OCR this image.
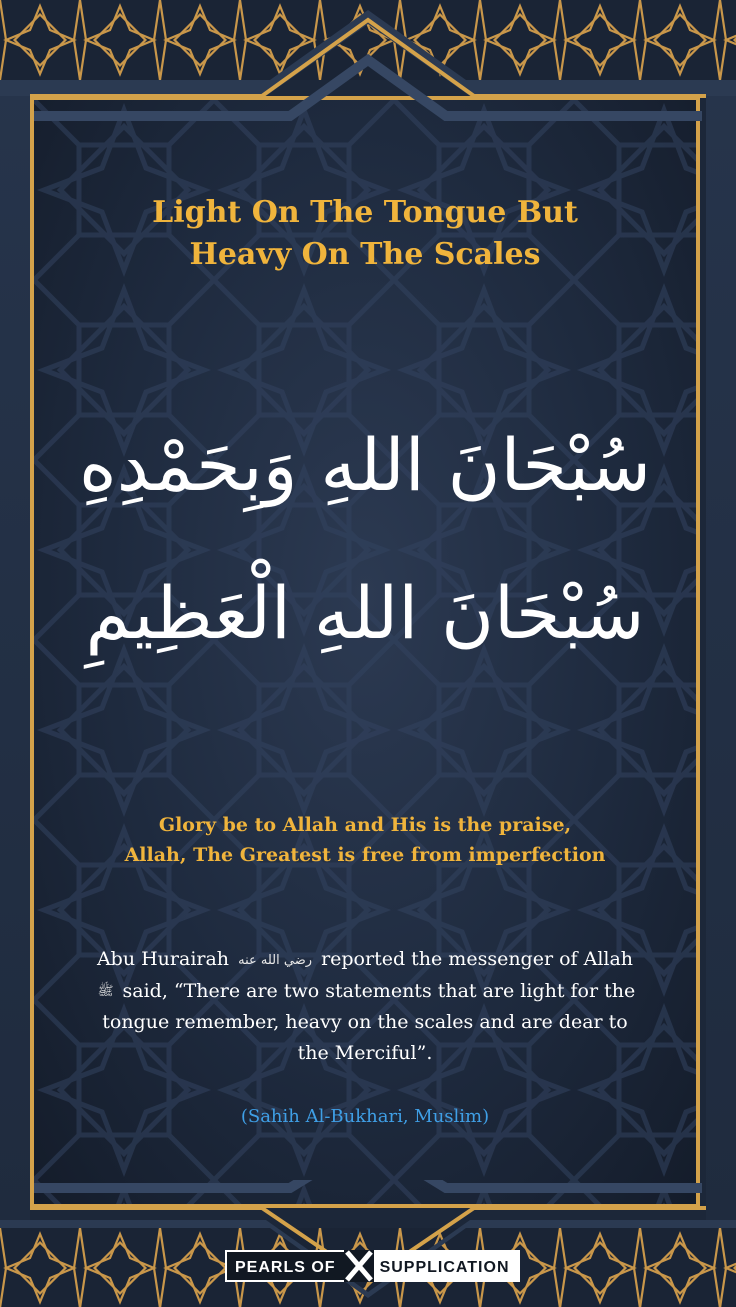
Light On The Tongue But
Heavy On The Scales
سُبْحَانَ اللهِ وَبِحَمْدِهِ
سُبْحَانَ اللهِ الْعَظِيمِ
Glory be to Allah and His is the praise,
Allah, The Greatest is free from imperfection
Abu Hurairah رضي الله عنه reported the messenger of Allah ﷺ said, “There are two statements that are light for the tongue remember, heavy on the scales and are dear to the Merciful”.
(Sahih Al-Bukhari, Muslim)
PEARLS OF	SUPPLICATION
